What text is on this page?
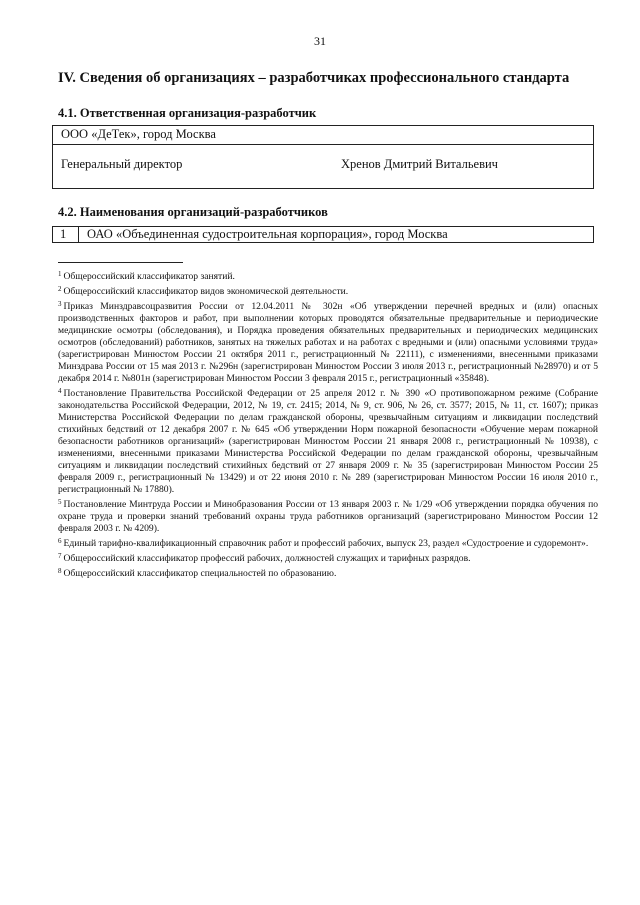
31
IV. Сведения об организациях – разработчиках профессионального стандарта
4.1. Ответственная организация-разработчик
ООО «ДеТек», город Москва
Генеральный директор	Хренов Дмитрий Витальевич
4.2. Наименования организаций-разработчиков
1 ОАО «Объединенная судостроительная корпорация», город Москва

$^1$ Общероссийский классификатор занятий.

$^2$ Общероссийский классификатор видов экономической деятельности.

$^3$ Приказ Минздравсоцразвития России от 12.04.2011 № 302н «Об утверждении перечней вредных и (или) опасных производственных факторов и работ, при выполнении которых проводятся обязательные предварительные и периодические медицинские осмотры (обследования), и Порядка проведения обязательных предварительных и периодических медицинских осмотров (обследований) работников, занятых на тяжелых работах и на работах с вредными и (или) опасными условиями труда» (зарегистрирован Минюстом России 21 октября 2011 г., регистрационный № 22111), с изменениями, внесенными приказами Минздрава России от 15 мая 2013 г. №296н (зарегистрирован Минюстом России 3 июля 2013 г., регистрационный №28970) и от 5 декабря 2014 г. №801н (зарегистрирован Минюстом России 3 февраля 2015 г., регистрационный «35848).

$^4$ Постановление Правительства Российской Федерации от 25 апреля 2012 г. № 390 «О противопожарном режиме (Собрание законодательства Российской Федерации, 2012, № 19, ст. 2415; 2014, № 9, ст. 906, № 26, ст. 3577; 2015, № 11, ст. 1607); приказ Министерства Российской Федерации по делам гражданской обороны, чрезвычайным ситуациям и ликвидации последствий стихийных бедствий от 12 декабря 2007 г. № 645 «Об утверждении Норм пожарной безопасности «Обучение мерам пожарной безопасности работников организаций» (зарегистрирован Минюстом России 21 января 2008 г., регистрационный № 10938), с изменениями, внесенными приказами Министерства Российской Федерации по делам гражданской обороны, чрезвычайным ситуациям и ликвидации последствий стихийных бедствий от 27 января 2009 г. № 35 (зарегистрирован Минюстом России 25 февраля 2009 г., регистрационный № 13429) и от 22 июня 2010 г. № 289 (зарегистрирован Минюстом России 16 июля 2010 г., регистрационный № 17880).

$^5$ Постановление Минтруда России и Минобразования России от 13 января 2003 г. № 1/29 «Об утверждении порядка обучения по охране труда и проверки знаний требований охраны труда работников организаций (зарегистрировано Минюстом России 12 февраля 2003 г. № 4209).

$^6$ Единый тарифно-квалификационный справочник работ и профессий рабочих, выпуск 23, раздел «Судостроение и судоремонт».

$^7$ Общероссийский классификатор профессий рабочих, должностей служащих и тарифных разрядов.

$^8$ Общероссийский классификатор специальностей по образованию.
